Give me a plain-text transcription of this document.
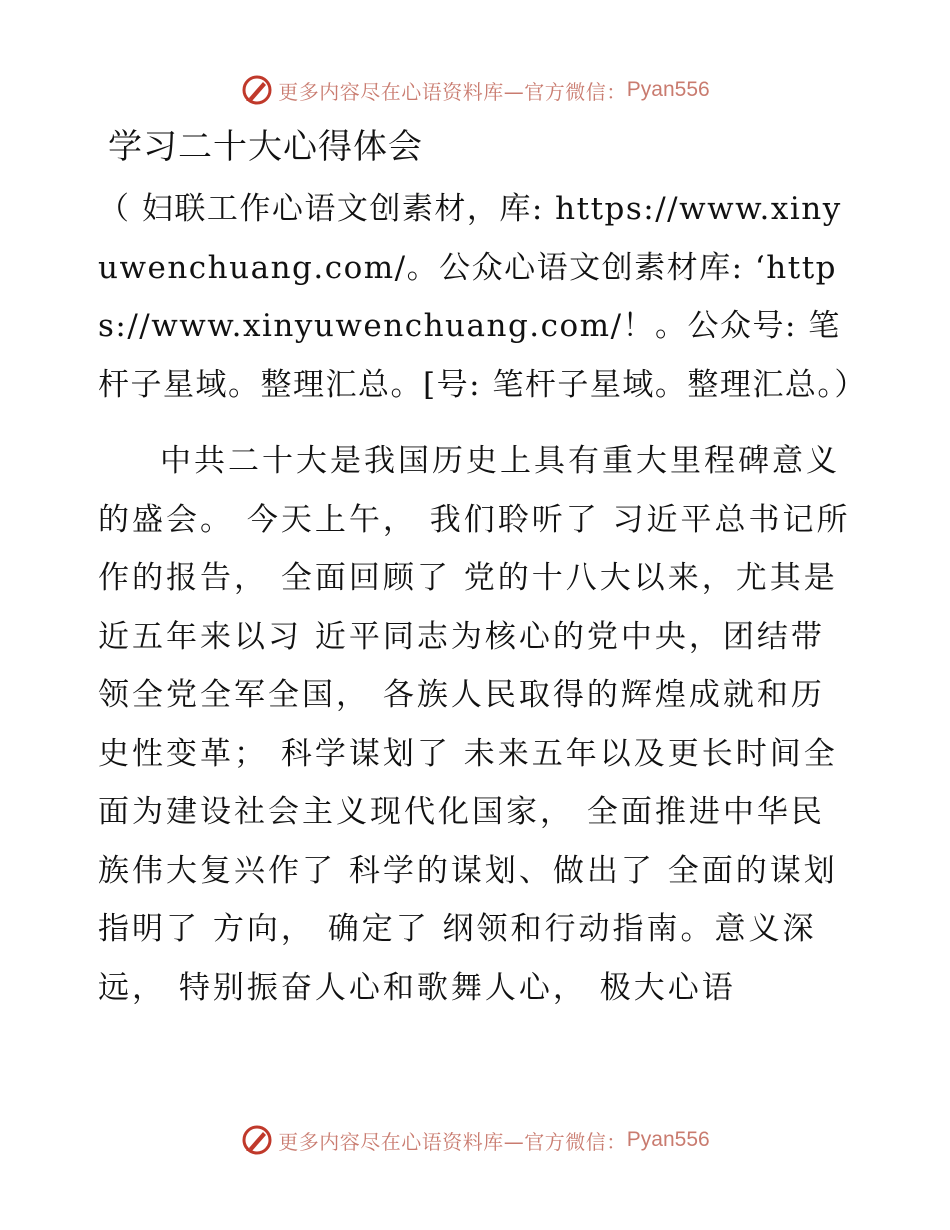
更多内容尽在心语资料库—官方微信： Pyan556
学习二十大心得体会

（ 妇联工作心语文创素材，库: https://www.xinyuwenchuang.com/。公众心语文创素材库: ‘https://www.xinyuwenchuang.com/！。公众号: 笔杆子星域。整理汇总。[号: 笔杆子星域。整理汇总。）

中共二十大是我国历史上具有重大里程碑意义的盛会。 今天上午， 我们聆听了 习近平总书记所作的报告， 全面回顾了 党的十八大以来，尤其是近五年来以习 近平同志为核心的党中央，团结带领全党全军全国， 各族人民取得的辉煌成就和历史性变革； 科学谋划了 未来五年以及更长时间全面为建设社会主义现代化国家， 全面推进中华民族伟大复兴作了 科学的谋划、做出了 全面的谋划指明了 方向， 确定了 纲领和行动指南。意义深远， 特别振奋人心和歌舞人心， 极大心语

更多内容尽在心语资料库—官方微信： Pyan556
